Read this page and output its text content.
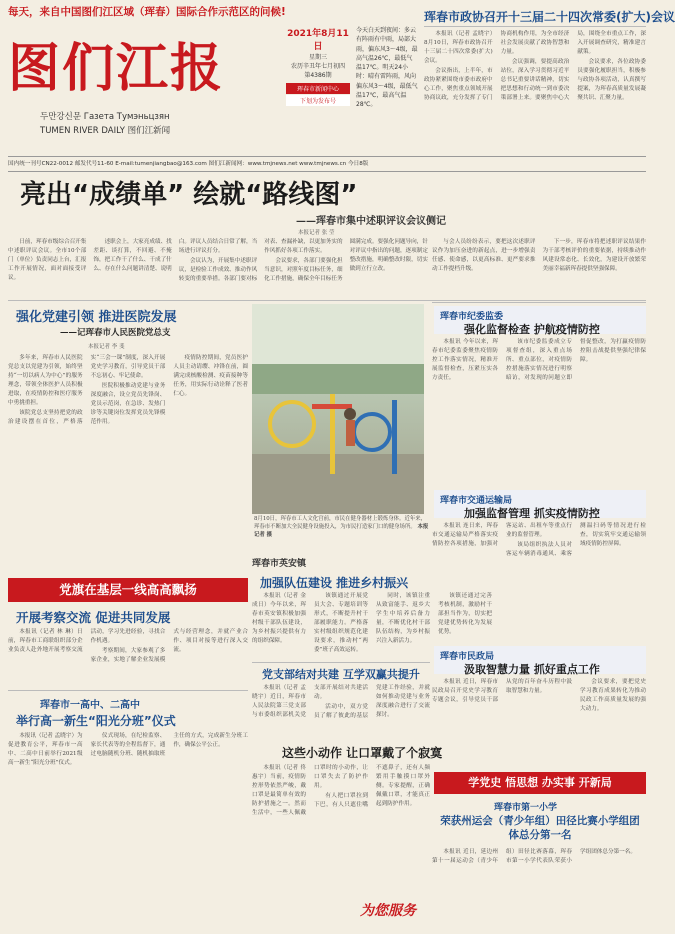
每天，来自中国图们江区域（珲春）国际合作示范区的问候!
图们江报
두만강신문 Газета Тумэньцзян
TUMEN RIVER DAILY 图们江新闻
2021年8月11日
星期三
农历辛丑年七月初四
第4386期
珲春市新闻中心
下划为发布号
今天白天到夜间：多云有阵雨有中雨，局部大雨，偏东风3～4级，最高气温26℃，最低气温17℃。明天24小时：晴有雷阵雨，风向偏东风3～4级，最低气温17℃，最高气温28℃。
国内统一刊号CN22-0012 邮发代号11-60 E-mail:tumenjiangbao@163.com 图们江新闻网：www.tmjnews.net www.tmjnews.cn 今日8版
珲春市政协召开十三届二十四次常委(扩大)会议

本报讯（记者 孟晓宇）8月10日，珲春市政协召开十三届二十四次常委(扩大)会议。

会议指出，上半年，市政协紧紧围绕市委市政府中心工作，聚焦重点领域开展协商议政，充分发挥了专门协商机构作用，为全市经济社会发展贡献了政协智慧和力量。

会议强调，要提高政治站位，深入学习贯彻习近平总书记重要讲话精神，切实把思想和行动统一到市委决策部署上来。要聚焦中心大局，围绕全市重点工作，深入开展调查研究，精准建言献策。

会议要求，各位政协委员要强化履职担当，积极参与政协各项活动，认真撰写提案，为珲春高质量发展凝聚共识、汇聚力量。

亮出“成绩单” 绘就“路线图”
——珲春市集中述职评议会议侧记
本报记者 张 莹

日前，珲春市级综合召开集中述职评议会议。全市10个部门（单位）负责同志上台，汇报工作开展情况，面对面接受评议。

述职会上，大家亮成绩、找差距、谈打算，不回避、不掩饰，把工作干了什么、干成了什么、存在什么问题讲清楚、说明白。评议人员结合日常了解，当场进行评议打分。

会议认为，开展集中述职评议，是检验工作成效、推动作风转变的重要举措。各部门要对标对表、查漏补缺，以更加务实的作风抓好各项工作落实。

会议要求，各部门要强化担当意识，对照年度目标任务，细化工作措施，确保全年目标任务圆满完成。要强化问题导向，针对评议中指出的问题，逐项制定整改措施，明确整改时限，切实做到立行立改。

与会人员纷纷表示，要把这次述职评议作为加压奋进的新起点，进一步增强责任感、使命感，以更高标准、更严要求推动工作提档升级。

下一步，珲春市将把述职评议结果作为干部考核评价的重要依据，持续推动作风建设常态化、长效化，为建设开放繁荣美丽幸福新珲春提供坚强保障。

强化党建引领 推进医院发展
——记珲春市人民医院党总支
本报记者 李 斐

多年来，珲春市人民医院党总支以党建为引领，始终坚持“一切以病人为中心”的服务理念，带领全体医护人员积极进取，在疫情防控和医疗服务中勇挑重担。

该院党总支坚持把党的政治建设摆在首位，严格落实“三会一课”制度，深入开展党史学习教育，引导党员干部不忘初心、牢记使命。

医院积极推动党建与业务深度融合，设立党员先锋岗、党员示范岗，在急诊、发热门诊等关键岗位发挥党员先锋模范作用。

疫情防控期间，党员医护人员主动请缨、冲锋在前，圆满完成核酸检测、疫苗接种等任务，用实际行动诠释了医者仁心。

8月10日，珲春市工人文化宫前，市民在健身器材上锻炼身体。近年来，珲春市不断加大全民健身设施投入，为市民打造家门口的健身场所。 本报记者 摄
珲春市英安镇
加强队伍建设 推进乡村振兴

本报讯（记者 金成日）今年以来，珲春市英安镇积极加强村级干部队伍建设，为乡村振兴提供有力的组织保障。

该镇通过开展党员大会、专题培训等形式，不断提升村干部履职能力。严格落实村级组织规范化建设要求，推动村“两委”班子高效运转。

同时，该镇注重从致富能手、返乡大学生中培养后备力量，不断优化村干部队伍结构，为乡村振兴注入新活力。

该镇还通过完善考核机制，激励村干部担当作为，切实把党建优势转化为发展优势。

党旗在基层一线高高飘扬
开展考察交流 促进共同发展

本报讯（记者 林 琳）日前，珲春市工商联组织部分企业负责人赴外地开展考察交流活动，学习先进经验，寻找合作机遇。

考察期间，大家参观了多家企业，实地了解企业发展模式与经营理念，并就产业合作、项目对接等进行深入交流。

珲春市一高中、二高中
举行高一新生“阳光分班”仪式

本报讯（记者 孟晓宇）为促进教育公平，珲春市一高中、二高中日前举行2021级高一新生“阳光分班”仪式。

仪式现场，在纪检监察、家长代表等的全程监督下，通过电脑随机分班、随机抽取班主任的方式，完成新生分班工作，确保公平公正。

党支部结对共建 互学双赢共提升

本报讯（记者 孟晓宇）近日，珲春市人民法院第三党支部与市委组织部机关党支部开展结对共建活动。

活动中，双方党员了解了彼此的基层党建工作经验，并就如何推动党建与业务深度融合进行了交流探讨。

这些小动作 让口罩戴了个寂寞

本报讯（记者 佟惠宇）当前，疫情防控形势依然严峻，戴口罩是最简单有效的防护措施之一。然而生活中，一些人佩戴口罩时的小动作，让口罩失去了防护作用。

有人把口罩拉到下巴，有人只遮住嘴不遮鼻子，还有人频繁用手触摸口罩外侧。专家提醒，正确佩戴口罩，才能真正起到防护作用。

为您服务
珲春市纪委监委
强化监督检查 护航疫情防控

本报讯 今年以来，珲春市纪委监委聚焦疫情防控工作落实情况，精准开展监督检查，压紧压实各方责任。

该市纪委监委成立专项督查组，深入重点场所、重点部位，对疫情防控措施落实情况进行明察暗访，对发现的问题立即督促整改，为打赢疫情防控阻击战提供坚强纪律保障。

珲春市交通运输局
加强监督管理 抓实疫情防控

本报讯 连日来，珲春市交通运输局严格落实疫情防控各项措施，加强对客运站、出租车等重点行业的监督管理。

该局组织执法人员对客运车辆消毒通风、乘客测温扫码等情况进行检查，切实筑牢交通运输领域疫情防控屏障。

珲春市民政局
汲取智慧力量 抓好重点工作

本报讯 近日，珲春市民政局召开党史学习教育专题会议，引导党员干部从党的百年奋斗历程中汲取智慧和力量。

会议要求，要把党史学习教育成果转化为推动民政工作高质量发展的强大动力。

学党史 悟思想 办实事 开新局
珲春市第一小学
荣获州运会（青少年组）田径比赛小学组团体总分第一名

本报讯 近日，延边州第十一届运动会（青少年组）田径比赛落幕，珲春市第一小学代表队荣获小学组团体总分第一名。
